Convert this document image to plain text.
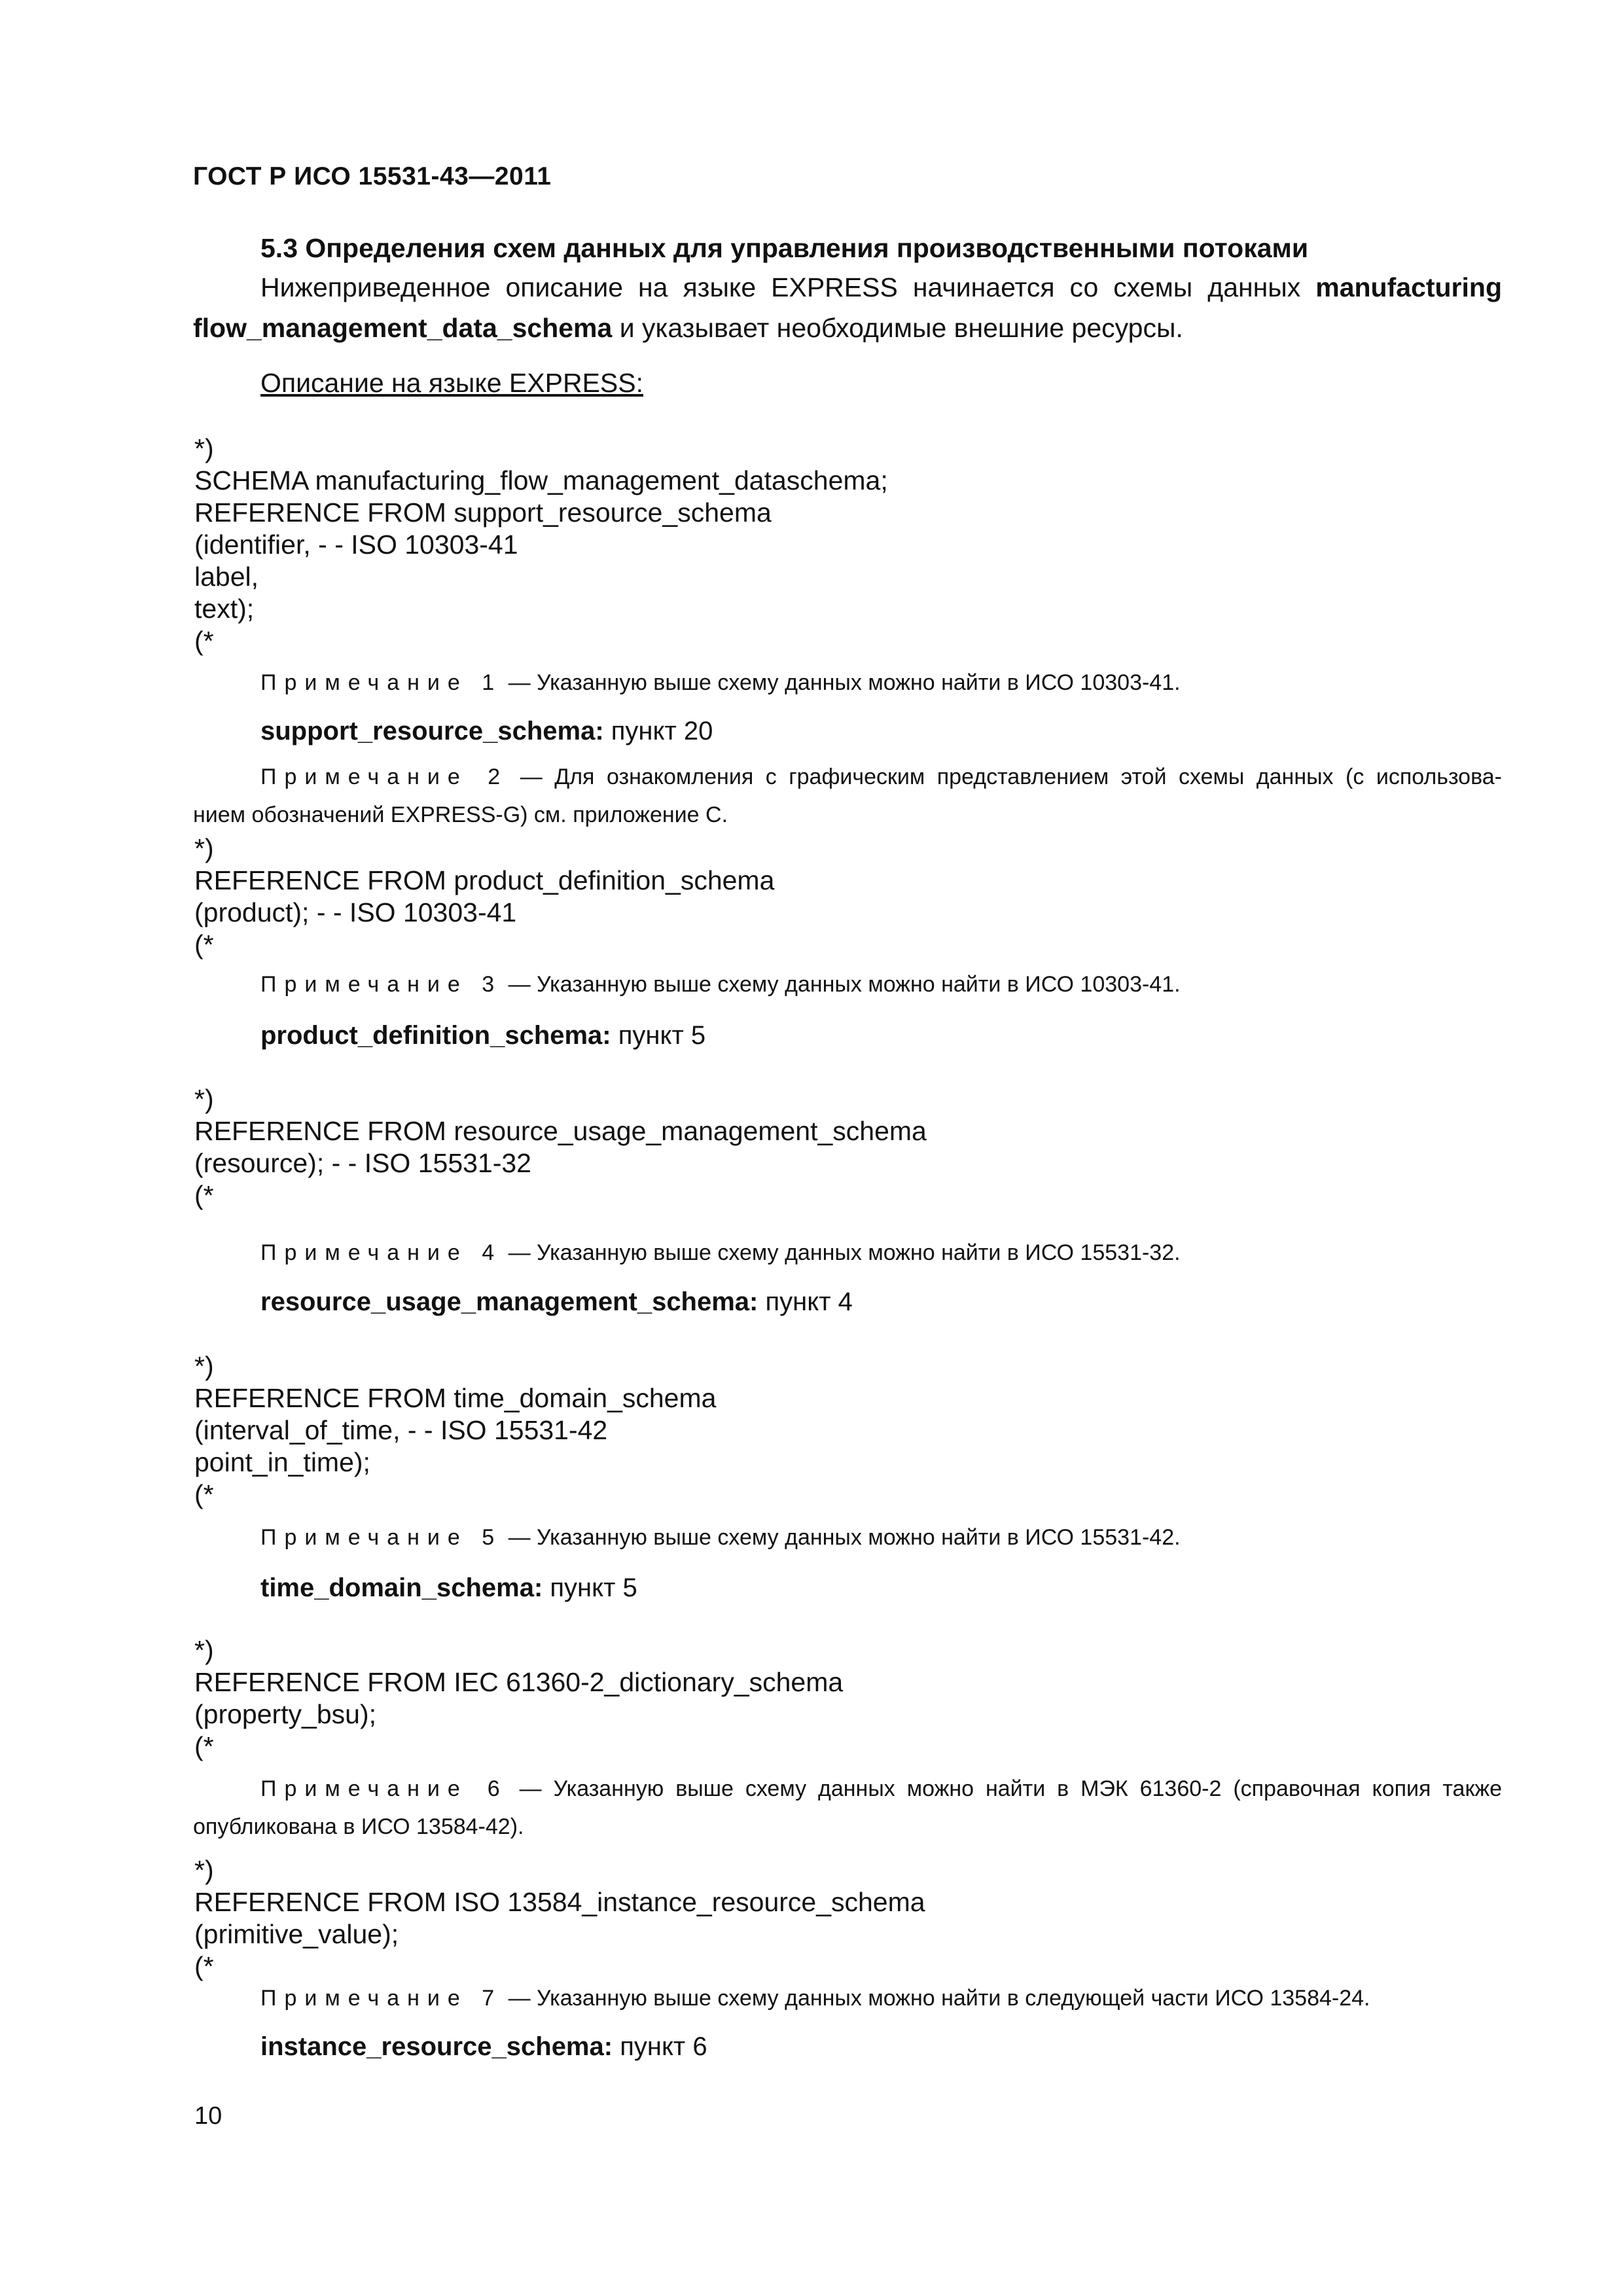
ГОСТ Р ИСО 15531-43—2011
5.3 Определения схем данных для управления производственными потоками
Нижеприведенное описание на языке EXPRESS начинается со схемы данных manufacturing
flow_management_data_schema и указывает необходимые внешние ресурсы.
Описание на языке EXPRESS:
*)
SCHEMA manufacturing_flow_management_dataschema;
REFERENCE FROM support_resource_schema
(identifier, - - ISO 10303-41
label,
text);
(*
Примечание 1 — Указанную выше схему данных можно найти в ИСО 10303-41.
support_resource_schema: пункт 20
Примечание 2 — Для ознакомления с графическим представлением этой схемы данных (с использова-
нием обозначений EXPRESS-G) см. приложение С.
*)
REFERENCE FROM product_definition_schema
(product); - - ISO 10303-41
(*
Примечание 3 — Указанную выше схему данных можно найти в ИСО 10303-41.
product_definition_schema: пункт 5
*)
REFERENCE FROM resource_usage_management_schema
(resource); - - ISO 15531-32
(*
Примечание 4 — Указанную выше схему данных можно найти в ИСО 15531-32.
resource_usage_management_schema: пункт 4
*)
REFERENCE FROM time_domain_schema
(interval_of_time, - - ISO 15531-42
point_in_time);
(*
Примечание 5 — Указанную выше схему данных можно найти в ИСО 15531-42.
time_domain_schema: пункт 5
*)
REFERENCE FROM IEC 61360-2_dictionary_schema
(property_bsu);
(*
Примечание 6 — Указанную выше схему данных можно найти в МЭК 61360-2 (справочная копия также
опубликована в ИСО 13584-42).
*)
REFERENCE FROM ISO 13584_instance_resource_schema
(primitive_value);
(*
Примечание 7 — Указанную выше схему данных можно найти в следующей части ИСО 13584-24.
instance_resource_schema: пункт 6
10
